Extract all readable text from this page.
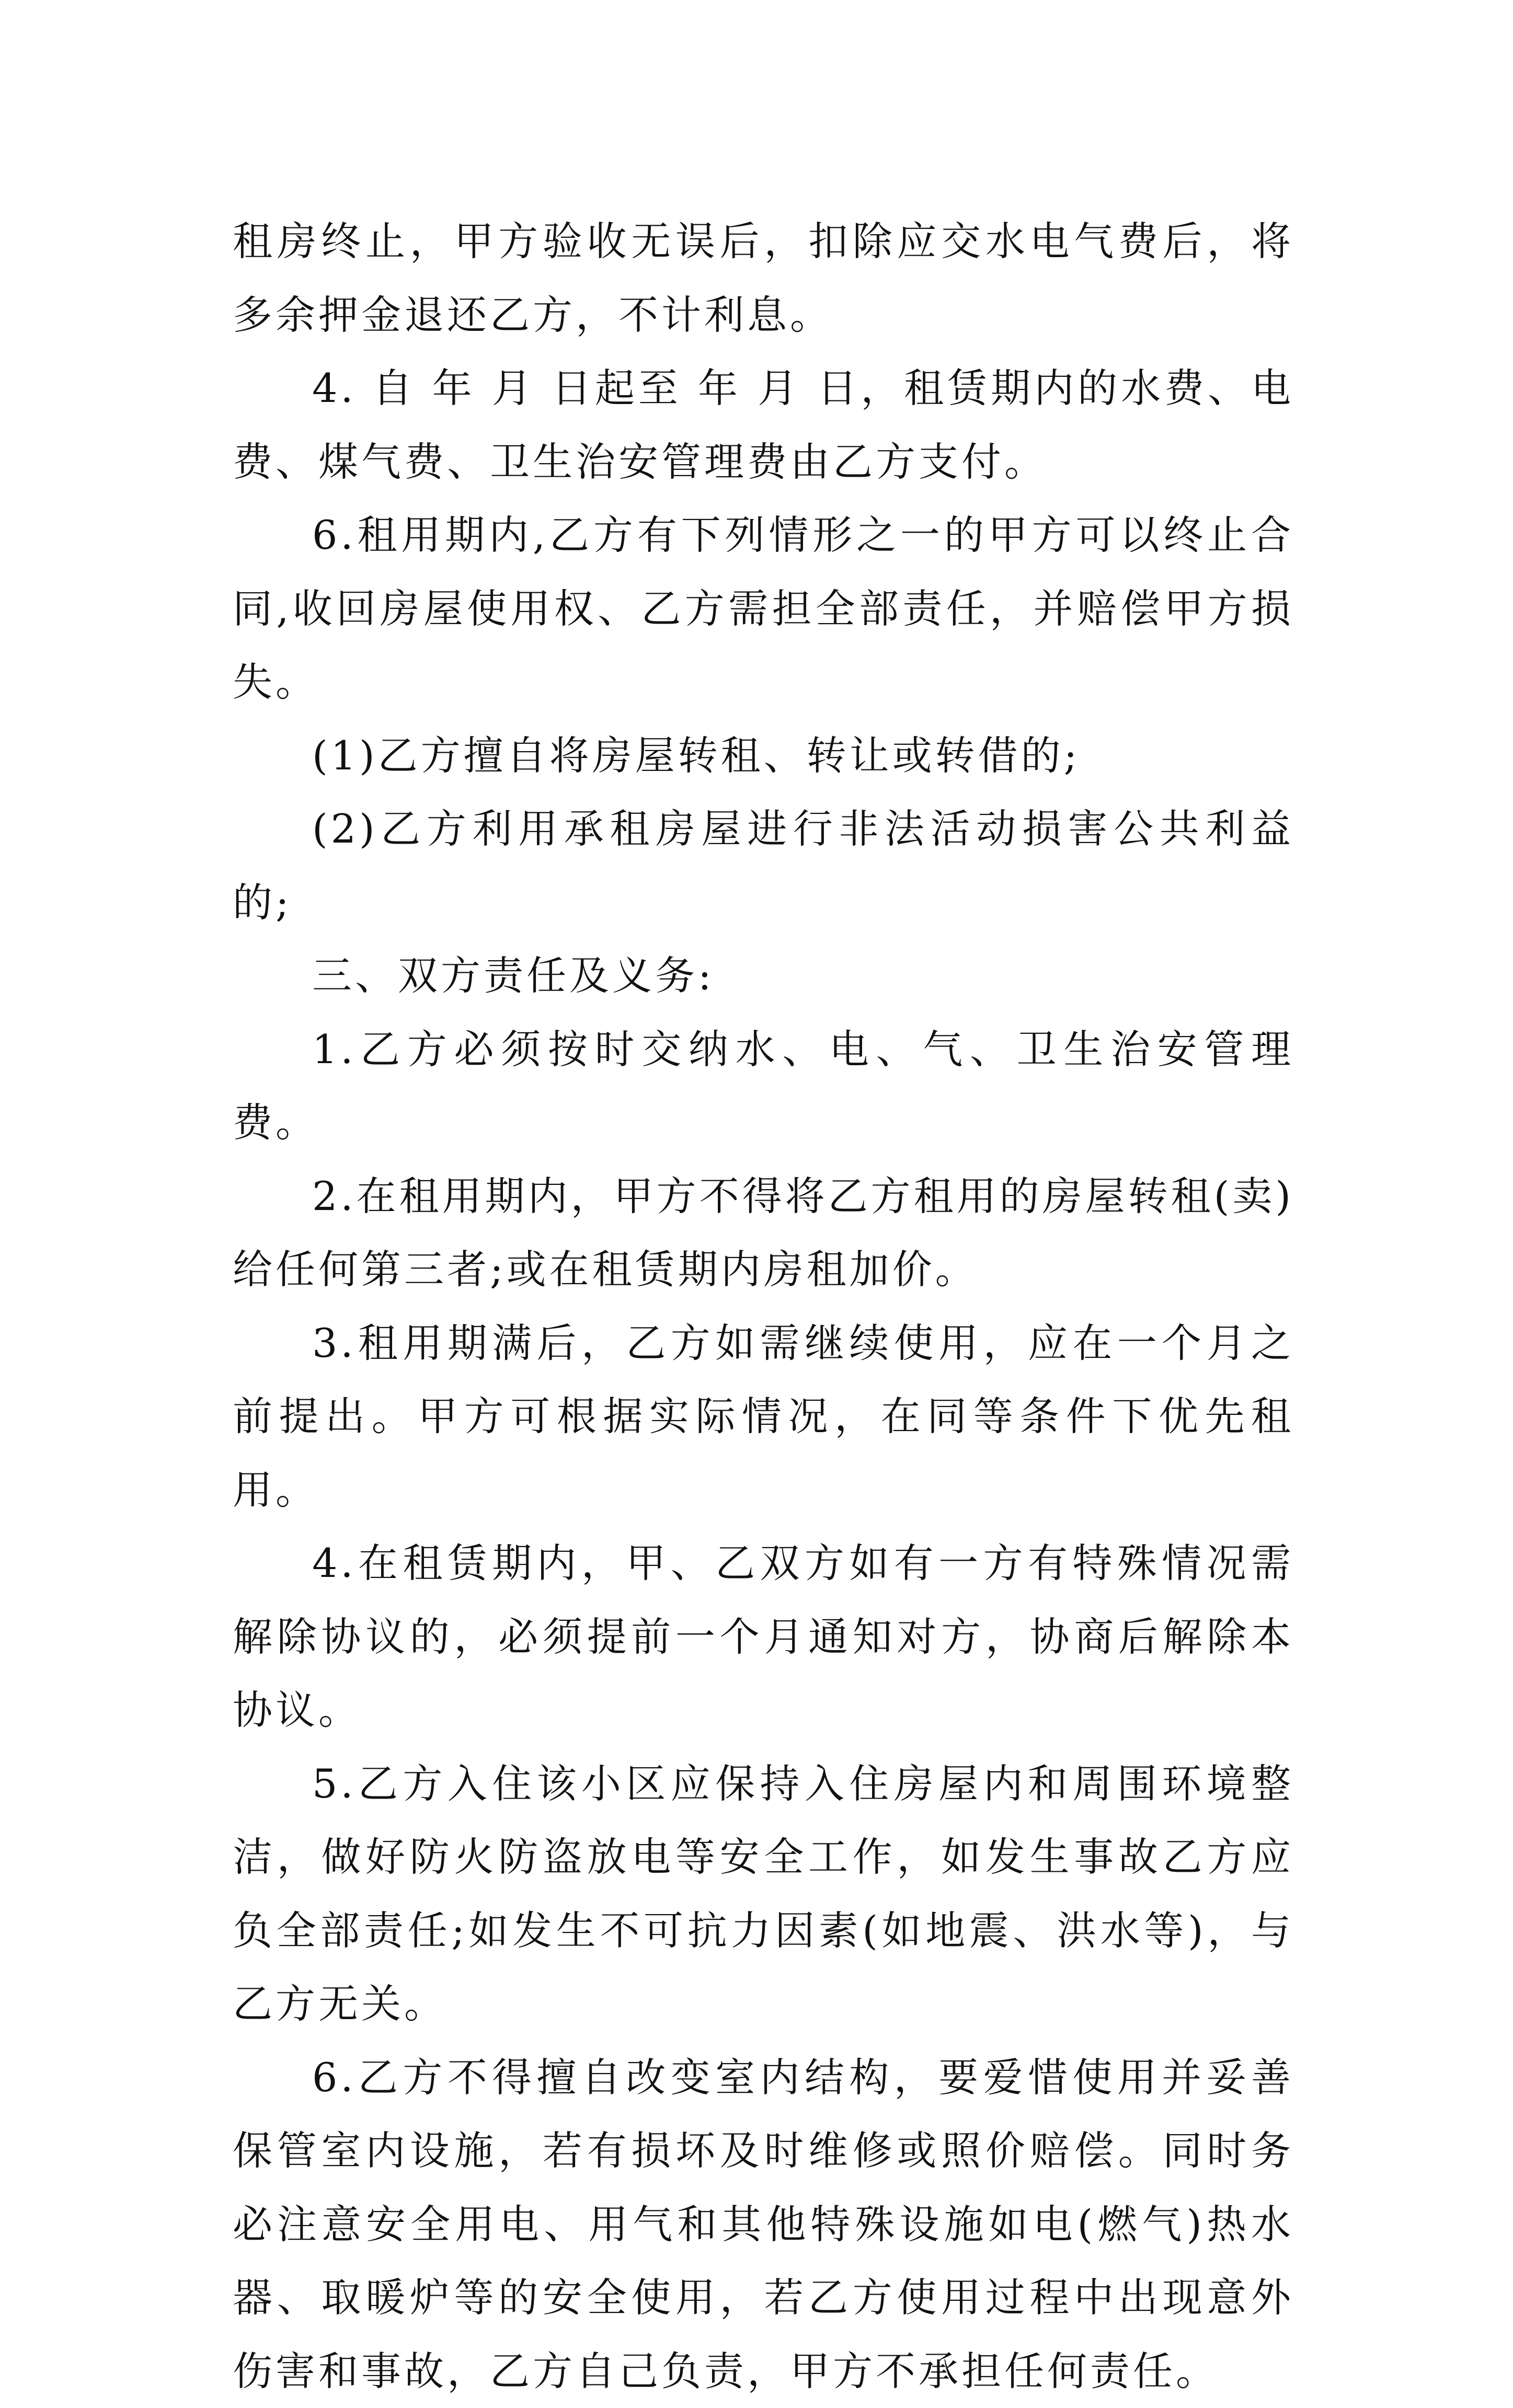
租房终止，甲方验收无误后，扣除应交水电气费后，将多余押金退还乙方，不计利息。

4. 自 年 月 日起至 年 月 日，租赁期内的水费、电费、煤气费、卫生治安管理费由乙方支付。

6.租用期内,乙方有下列情形之一的甲方可以终止合同,收回房屋使用权、乙方需担全部责任，并赔偿甲方损失。

(1)乙方擅自将房屋转租、转让或转借的;

(2)乙方利用承租房屋进行非法活动损害公共利益的;

三、双方责任及义务:

1.乙方必须按时交纳水、电、气、卫生治安管理费。

2.在租用期内，甲方不得将乙方租用的房屋转租(卖)给任何第三者;或在租赁期内房租加价。

3.租用期满后，乙方如需继续使用，应在一个月之前提出。甲方可根据实际情况，在同等条件下优先租用。

4.在租赁期内，甲、乙双方如有一方有特殊情况需解除协议的，必须提前一个月通知对方，协商后解除本协议。

5.乙方入住该小区应保持入住房屋内和周围环境整洁，做好防火防盗放电等安全工作，如发生事故乙方应负全部责任;如发生不可抗力因素(如地震、洪水等)，与乙方无关。

6.乙方不得擅自改变室内结构，要爱惜使用并妥善保管室内设施，若有损坏及时维修或照价赔偿。同时务必注意安全用电、用气和其他特殊设施如电(燃气)热水器、取暖炉等的安全使用，若乙方使用过程中出现意外伤害和事故，乙方自己负责，甲方不承担任何责任。
